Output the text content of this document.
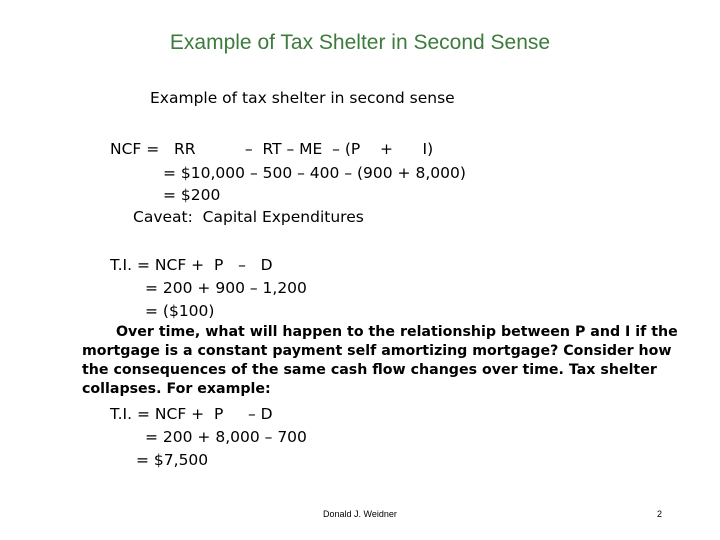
Example of Tax Shelter in Second Sense
Example of tax shelter in second sense
NCF =   RR          –  RT – ME  – (P    +      I)
= $10,000 – 500 – 400 – (900 + 8,000)
= $200
Caveat:  Capital Expenditures
T.I. = NCF +  P   –   D
= 200 + 900 – 1,200
= ($100)
Over time, what will happen to the relationship between P and I if the mortgage is a constant payment self amortizing mortgage? Consider how the consequences of the same cash flow changes over time. Tax shelter collapses. For example:
T.I. = NCF +  P     – D
= 200 + 8,000 – 700
= $7,500
Donald J. Weidner	2
